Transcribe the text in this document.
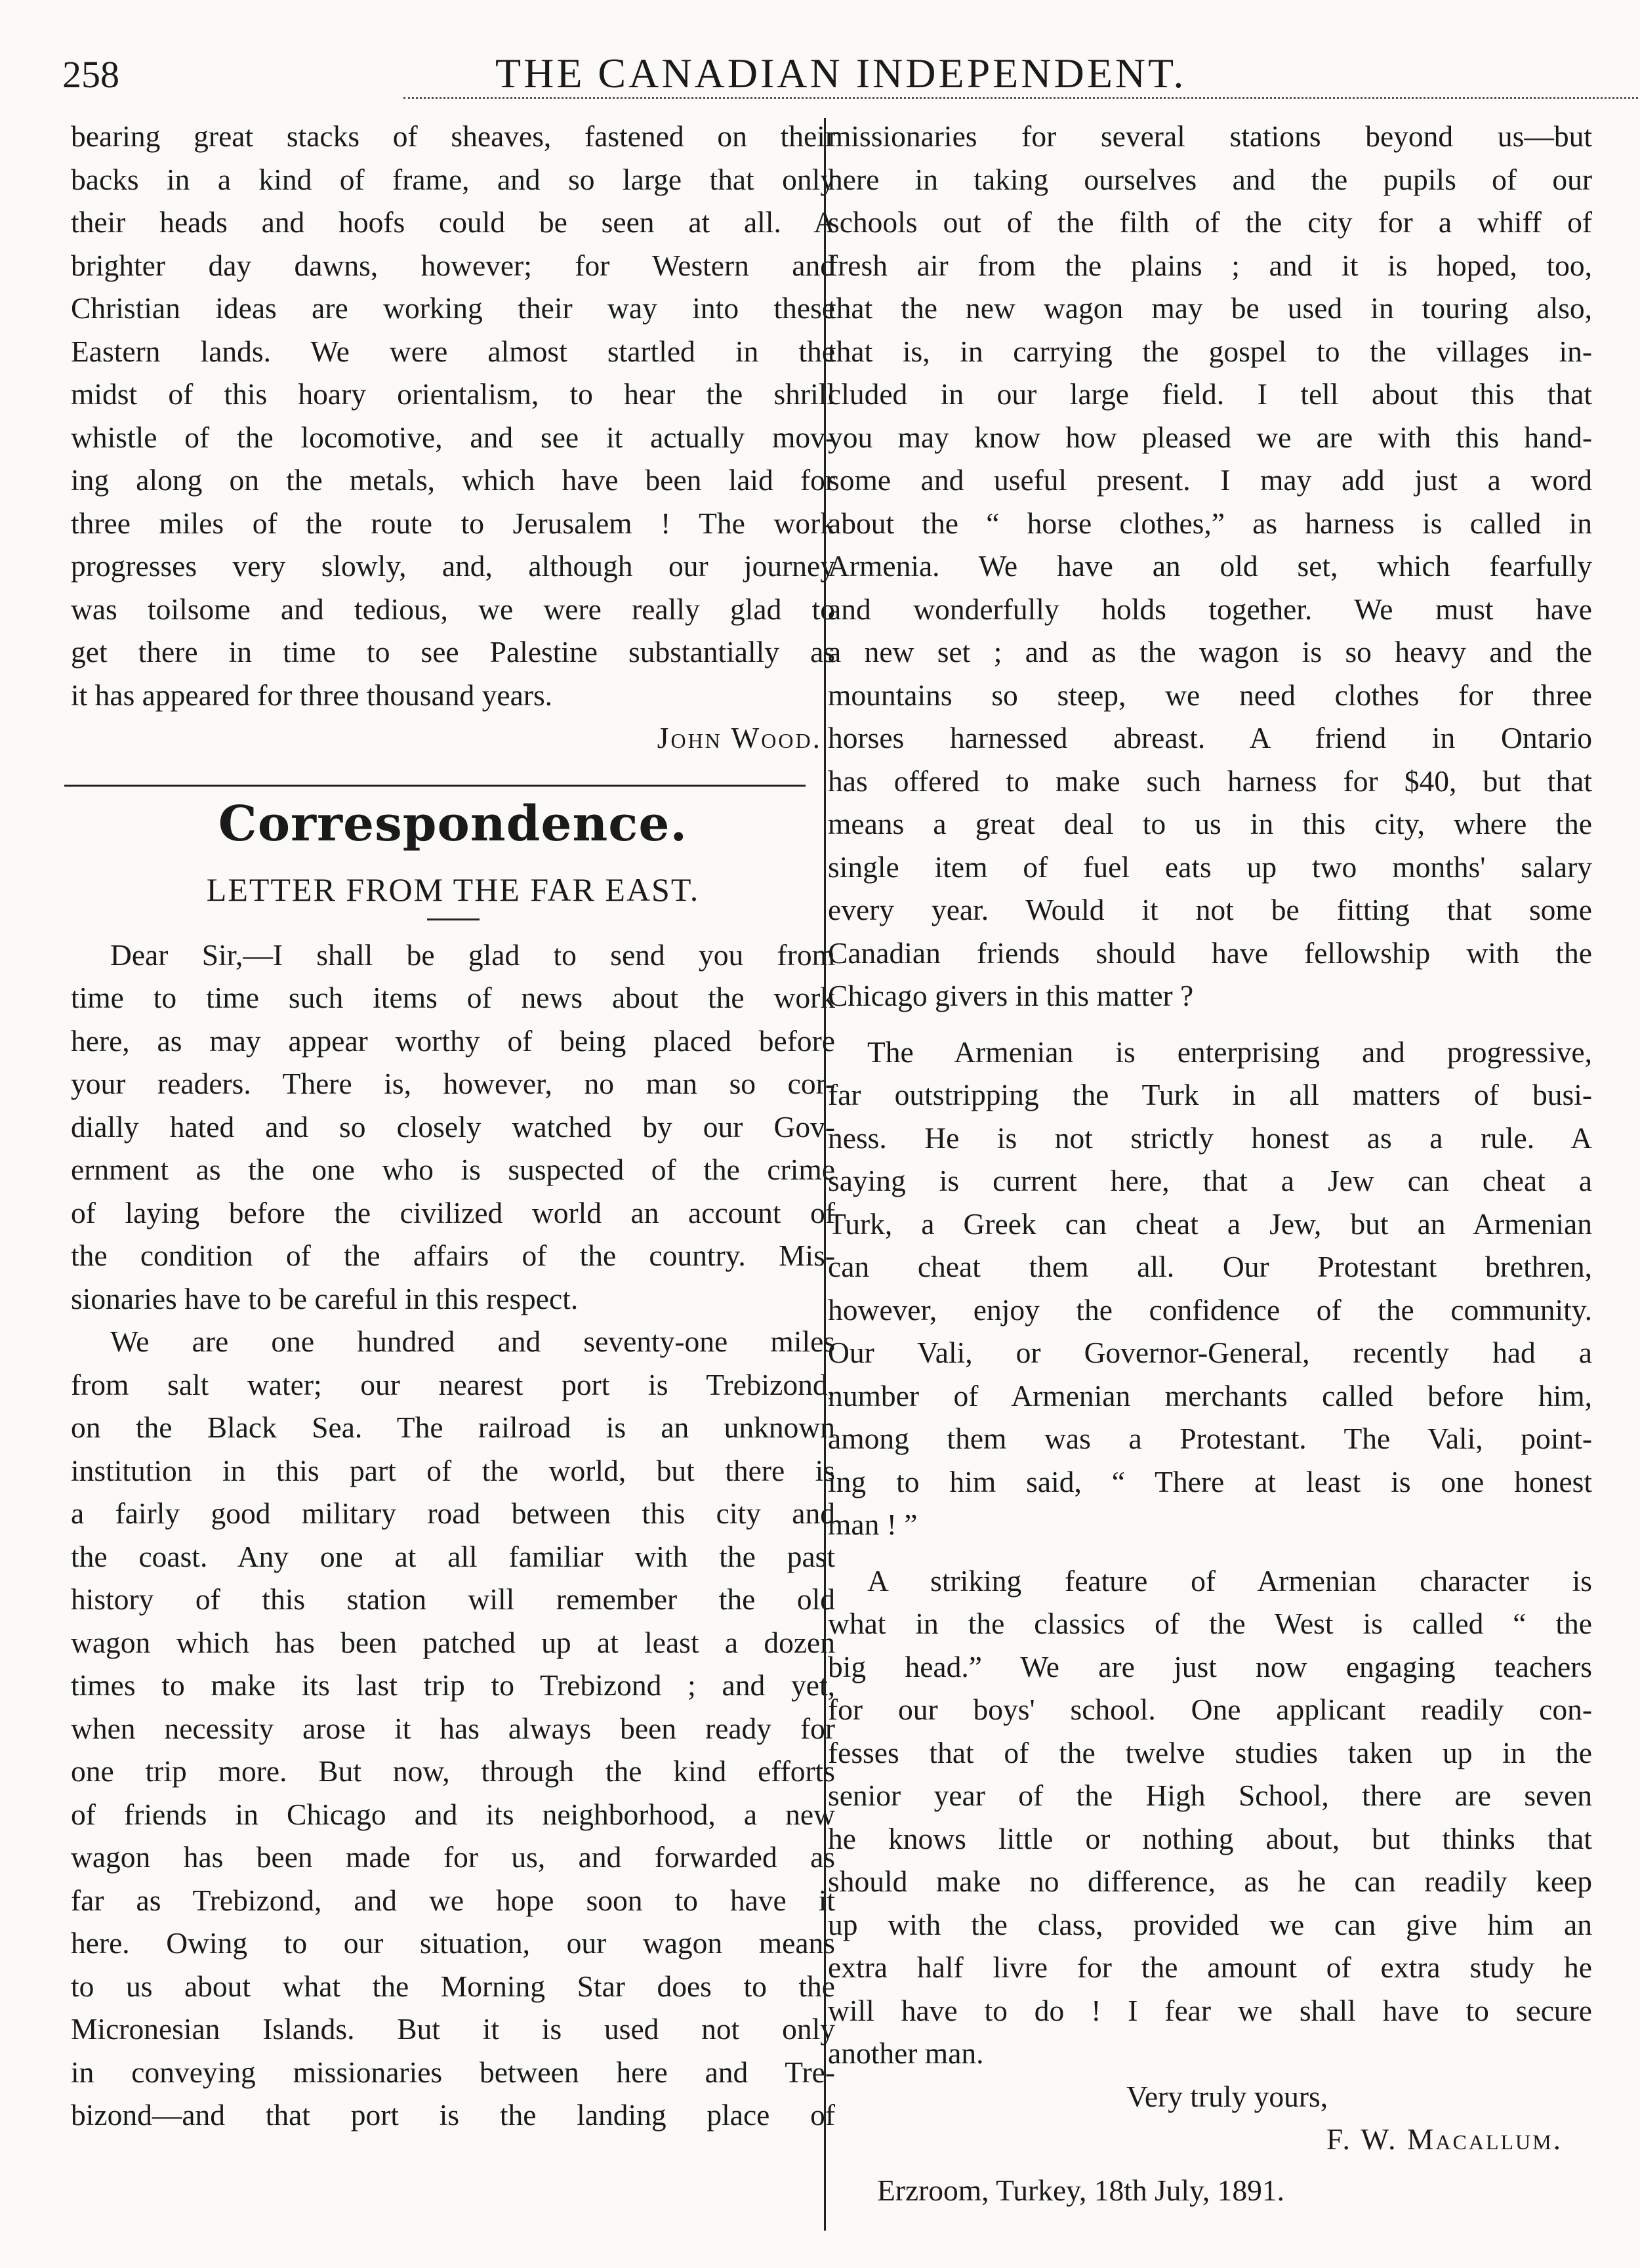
258	THE CANADIAN INDEPENDENT.
bearing great stacks of sheaves, fastened on their
backs in a kind of frame, and so large that only
their heads and hoofs could be seen at all. A
brighter day dawns, however; for Western and
Christian ideas are working their way into these
Eastern lands. We were almost startled in the
midst of this hoary orientalism, to hear the shrill
whistle of the locomotive, and see it actually mov-
ing along on the metals, which have been laid for
three miles of the route to Jerusalem ! The work
progresses very slowly, and, although our journey
was toilsome and tedious, we were really glad to
get there in time to see Palestine substantially as
it has appeared for three thousand years.
John Wood.
Correspondence.
LETTER FROM THE FAR EAST.
Dear Sir,—I shall be glad to send you from
time to time such items of news about the work
here, as may appear worthy of being placed before
your readers. There is, however, no man so cor-
dially hated and so closely watched by our Gov-
ernment as the one who is suspected of the crime
of laying before the civilized world an account of
the condition of the affairs of the country. Mis-
sionaries have to be careful in this respect.
We are one hundred and seventy-one miles
from salt water; our nearest port is Trebizond,
on the Black Sea. The railroad is an unknown
institution in this part of the world, but there is
a fairly good military road between this city and
the coast. Any one at all familiar with the past
history of this station will remember the old
wagon which has been patched up at least a dozen
times to make its last trip to Trebizond ; and yet,
when necessity arose it has always been ready for
one trip more. But now, through the kind efforts
of friends in Chicago and its neighborhood, a new
wagon has been made for us, and forwarded as
far as Trebizond, and we hope soon to have it
here. Owing to our situation, our wagon means
to us about what the Morning Star does to the
Micronesian Islands. But it is used not only
in conveying missionaries between here and Tre-
bizond—and that port is the landing place of
missionaries for several stations beyond us—but
here in taking ourselves and the pupils of our
schools out of the filth of the city for a whiff of
fresh air from the plains ; and it is hoped, too,
that the new wagon may be used in touring also,
that is, in carrying the gospel to the villages in-
cluded in our large field. I tell about this that
you may know how pleased we are with this hand-
some and useful present. I may add just a word
about the “ horse clothes,” as harness is called in
Armenia. We have an old set, which fearfully
and wonderfully holds together. We must have
a new set ; and as the wagon is so heavy and the
mountains so steep, we need clothes for three
horses harnessed abreast. A friend in Ontario
has offered to make such harness for $40, but that
means a great deal to us in this city, where the
single item of fuel eats up two months' salary
every year. Would it not be fitting that some
Canadian friends should have fellowship with the
Chicago givers in this matter ?
The Armenian is enterprising and progressive,
far outstripping the Turk in all matters of busi-
ness. He is not strictly honest as a rule. A
saying is current here, that a Jew can cheat a
Turk, a Greek can cheat a Jew, but an Armenian
can cheat them all. Our Protestant brethren,
however, enjoy the confidence of the community.
Our Vali, or Governor-General, recently had a
number of Armenian merchants called before him,
among them was a Protestant. The Vali, point-
ing to him said, “ There at least is one honest
man ! ”
A striking feature of Armenian character is
what in the classics of the West is called “ the
big head.” We are just now engaging teachers
for our boys' school. One applicant readily con-
fesses that of the twelve studies taken up in the
senior year of the High School, there are seven
he knows little or nothing about, but thinks that
should make no difference, as he can readily keep
up with the class, provided we can give him an
extra half livre for the amount of extra study he
will have to do ! I fear we shall have to secure
another man.
Very truly yours,
F. W. Macallum.
Erzroom, Turkey, 18th July, 1891.
